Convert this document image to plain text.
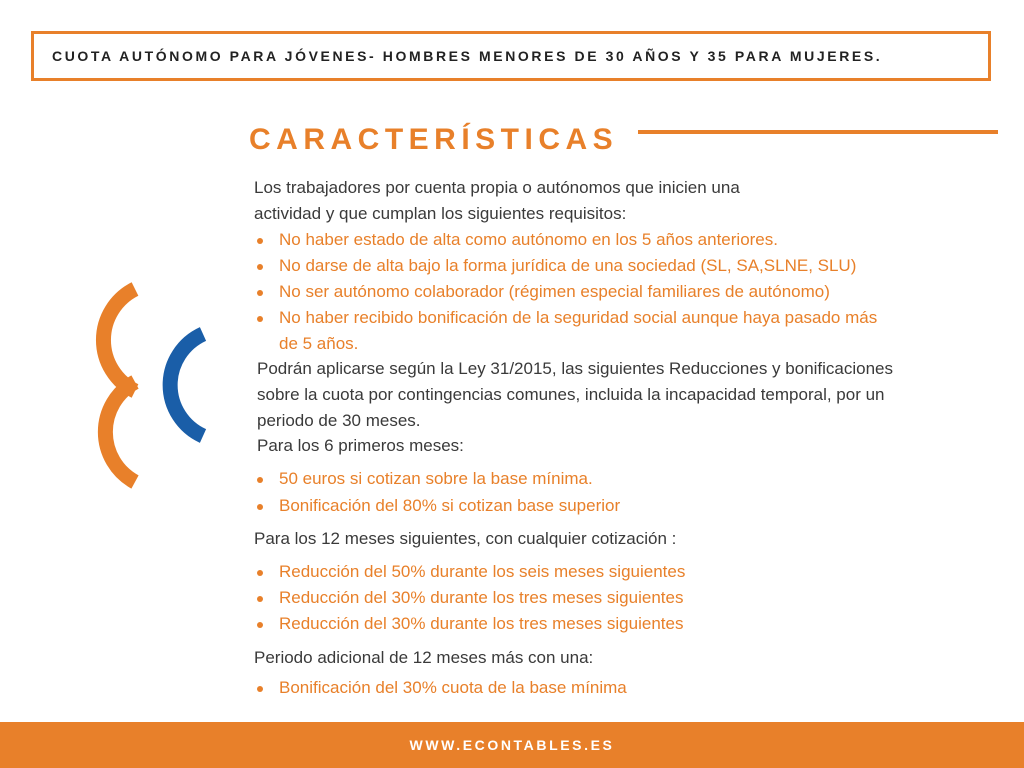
CUOTA AUTÓNOMO PARA JÓVENES- HOMBRES MENORES DE 30 AÑOS Y 35 PARA MUJERES.
CARACTERÍSTICAS
Los trabajadores por cuenta propia o autónomos que inicien una
actividad y que cumplan los siguientes requisitos:
No haber estado de alta como autónomo en los 5 años anteriores.
No darse de alta bajo la forma jurídica de una sociedad (SL, SA,SLNE, SLU)
No ser autónomo colaborador (régimen especial familiares de autónomo)
No haber recibido bonificación de la seguridad social aunque haya pasado más
de 5 años.
Podrán aplicarse según la Ley 31/2015, las siguientes Reducciones y bonificaciones
sobre la cuota por contingencias comunes, incluida la incapacidad temporal, por un
periodo de 30 meses.
Para los 6 primeros meses:
50 euros si cotizan sobre la base mínima.
Bonificación del 80% si cotizan base superior
Para los 12 meses siguientes, con cualquier cotización :
Reducción del 50% durante los seis meses siguientes
Reducción del 30% durante los tres meses siguientes
Reducción del 30% durante los tres meses siguientes
Periodo adicional de 12 meses más con una:
Bonificación del 30% cuota de la base mínima
WWW.ECONTABLES.ES
